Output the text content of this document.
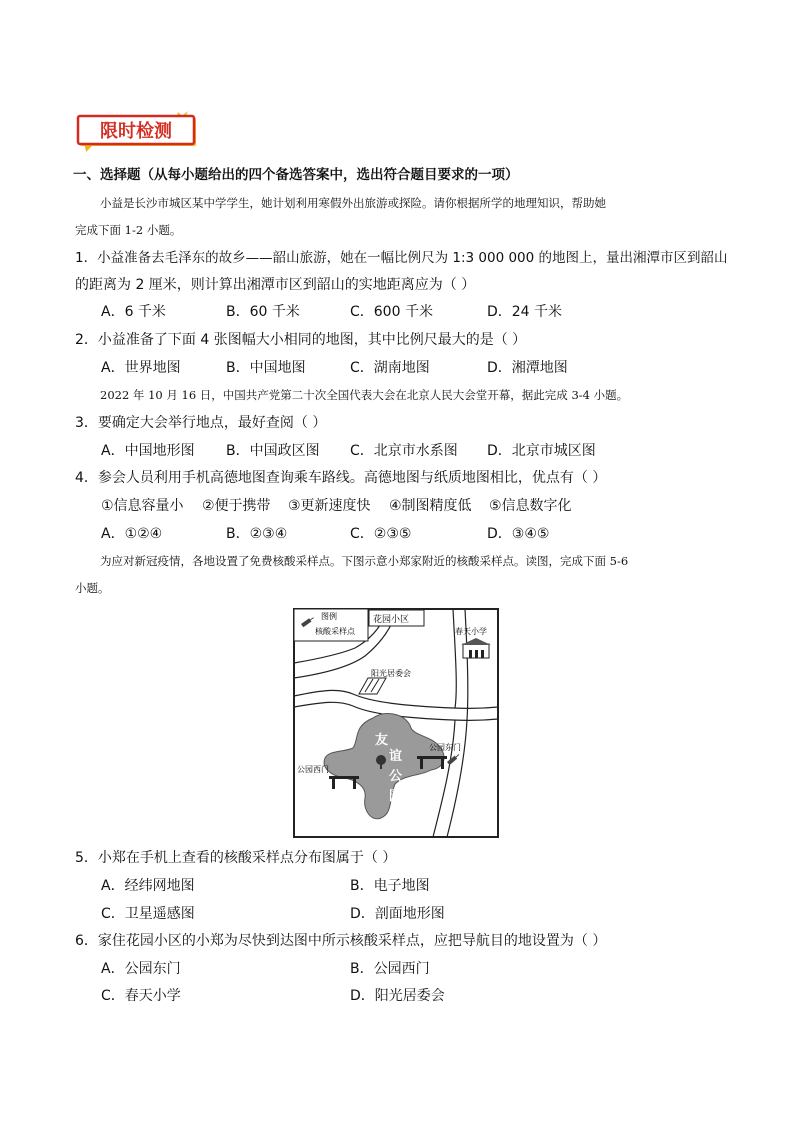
限时检测
一、选择题（从每小题给出的四个备选答案中，选出符合题目要求的一项）
小益是长沙市城区某中学学生，她计划利用寒假外出旅游或探险。请你根据所学的地理知识，帮助她
完成下面 1-2 小题。
1．小益准备去毛泽东的故乡——韶山旅游，她在一幅比例尺为 1:3 000 000 的地图上，量出湘潭市区到韶山
的距离为 2 厘米，则计算出湘潭市区到韶山的实地距离应为（ ）
A．6 千米	B．60 千米	C．600 千米	D．24 千米
2．小益准备了下面 4 张图幅大小相同的地图，其中比例尺最大的是（ ）
A．世界地图	B．中国地图	C．湖南地图	D．湘潭地图
2022 年 10 月 16 日，中国共产党第二十次全国代表大会在北京人民大会堂开幕，据此完成 3-4 小题。
3．要确定大会举行地点，最好查阅（ ）
A．中国地形图 B．中国政区图 C．北京市水系图 D．北京市城区图
4．参会人员利用手机高德地图查询乘车路线。高德地图与纸质地图相比，优点有（ ）
①信息容量小 ②便于携带 ③更新速度快 ④制图精度低 ⑤信息数字化
A．①②④	B．②③④	C．②③⑤	D．③④⑤
为应对新冠疫情，各地设置了免费核酸采样点。下图示意小郑家附近的核酸采样点。读图，完成下面 5-6
小题。
图例
核酸采样点
花园小区
春天小学
阳光居委会
友
谊
公
园
公园东门
公园西门
5．小郑在手机上查看的核酸采样点分布图属于（ ）
A．经纬网地图	B．电子地图
C．卫星遥感图	D．剖面地形图
6．家住花园小区的小郑为尽快到达图中所示核酸采样点，应把导航目的地设置为（ ）
A．公园东门	B．公园西门
C．春天小学	D．阳光居委会
